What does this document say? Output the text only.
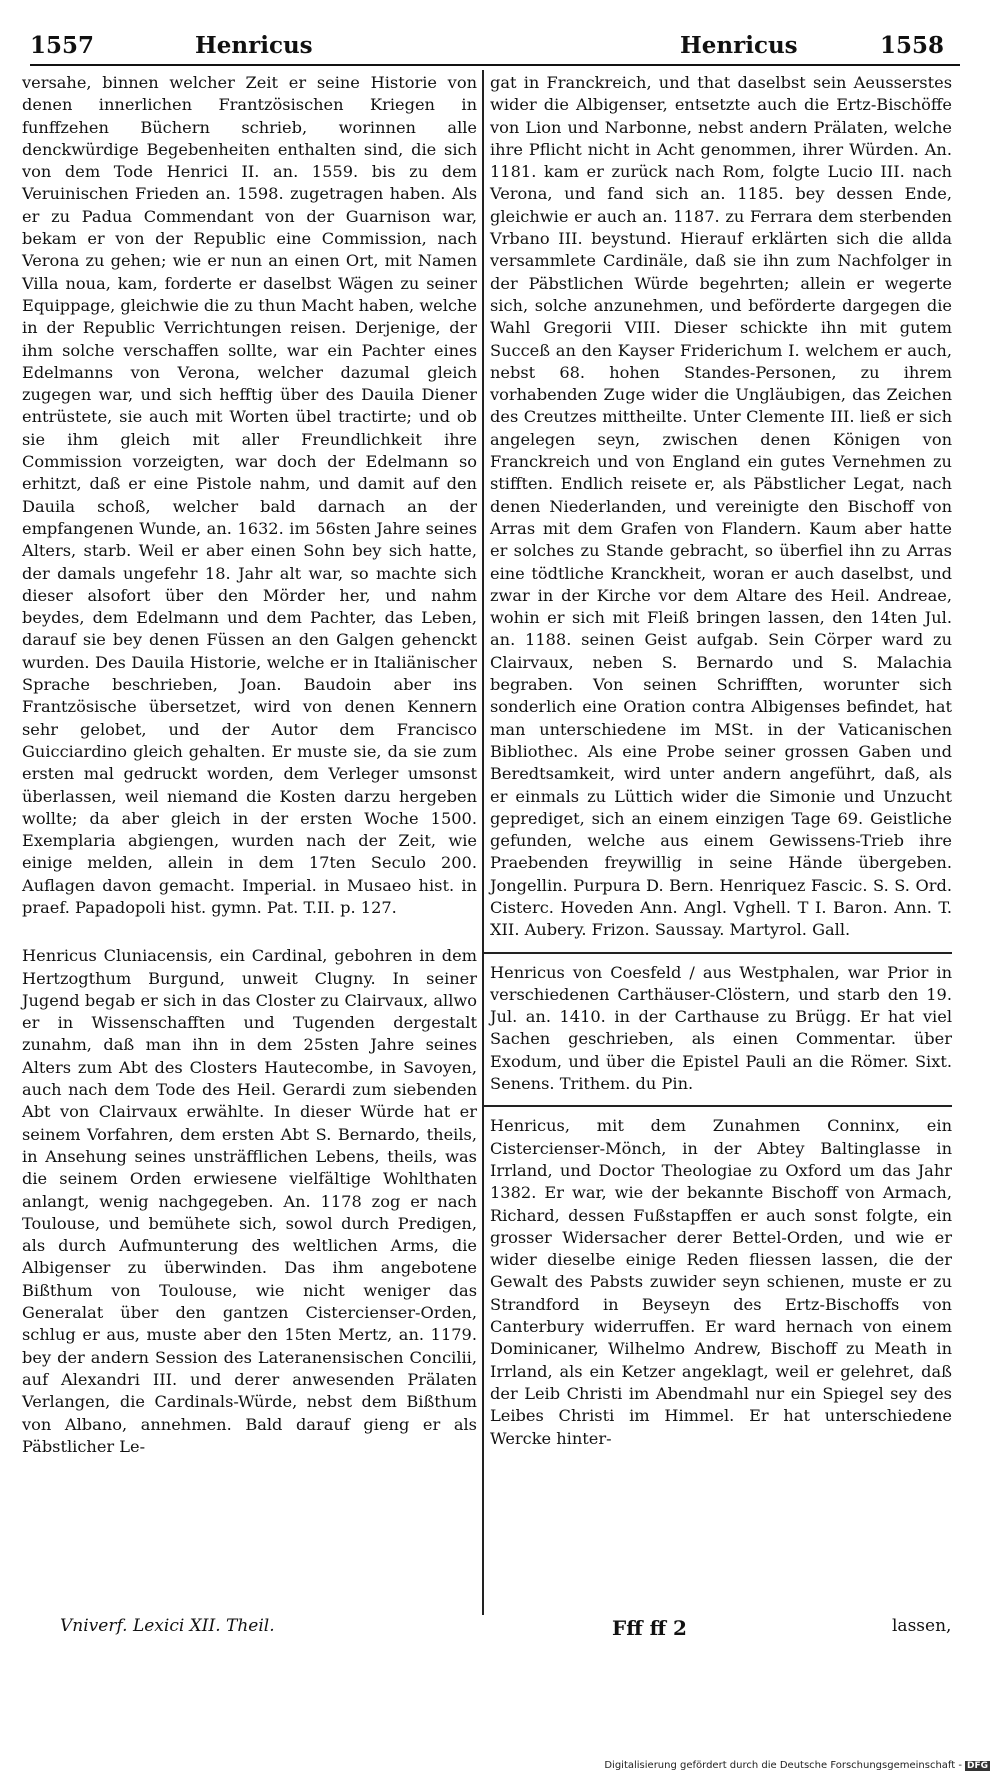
1557	Henricus	Henricus	1558

versahe, binnen welcher Zeit er seine Historie von denen innerlichen Frantzösischen Kriegen in funffzehen Büchern schrieb, worinnen alle denckwürdige Begebenheiten enthalten sind, die sich von dem Tode Henrici II. an. 1559. bis zu dem Veruinischen Frieden an. 1598. zugetragen haben. Als er zu Padua Commendant von der Guarnison war, bekam er von der Republic eine Commission, nach Verona zu gehen; wie er nun an einen Ort, mit Namen Villa noua, kam, forderte er daselbst Wägen zu seiner Equippage, gleichwie die zu thun Macht haben, welche in der Republic Verrichtungen reisen. Derjenige, der ihm solche verschaffen sollte, war ein Pachter eines Edelmanns von Verona, welcher dazumal gleich zugegen war, und sich hefftig über des Dauila Diener entrüstete, sie auch mit Worten übel tractirte; und ob sie ihm gleich mit aller Freundlichkeit ihre Commission vorzeigten, war doch der Edelmann so erhitzt, daß er eine Pistole nahm, und damit auf den Dauila schoß, welcher bald darnach an der empfangenen Wunde, an. 1632. im 56sten Jahre seines Alters, starb. Weil er aber einen Sohn bey sich hatte, der damals ungefehr 18. Jahr alt war, so machte sich dieser alsofort über den Mörder her, und nahm beydes, dem Edelmann und dem Pachter, das Leben, darauf sie bey denen Füssen an den Galgen gehenckt wurden. Des Dauila Historie, welche er in Italiänischer Sprache beschrieben, Joan. Baudoin aber ins Frantzösische übersetzet, wird von denen Kennern sehr gelobet, und der Autor dem Francisco Guicciardino gleich gehalten. Er muste sie, da sie zum ersten mal gedruckt worden, dem Verleger umsonst überlassen, weil niemand die Kosten darzu hergeben wollte; da aber gleich in der ersten Woche 1500. Exemplaria abgiengen, wurden nach der Zeit, wie einige melden, allein in dem 17ten Seculo 200. Auflagen davon gemacht. Imperial. in Musaeo hist. in praef. Papadopoli hist. gymn. Pat. T.II. p. 127.

Henricus Cluniacensis, ein Cardinal, gebohren in dem Hertzogthum Burgund, unweit Clugny. In seiner Jugend begab er sich in das Closter zu Clairvaux, allwo er in Wissenschafften und Tugenden dergestalt zunahm, daß man ihn in dem 25sten Jahre seines Alters zum Abt des Closters Hautecombe, in Savoyen, auch nach dem Tode des Heil. Gerardi zum siebenden Abt von Clairvaux erwählte. In dieser Würde hat er seinem Vorfahren, dem ersten Abt S. Bernardo, theils, in Ansehung seines unsträfflichen Lebens, theils, was die seinem Orden erwiesene vielfältige Wohlthaten anlangt, wenig nachgegeben. An. 1178 zog er nach Toulouse, und bemühete sich, sowol durch Predigen, als durch Aufmunterung des weltlichen Arms, die Albigenser zu überwinden. Das ihm angebotene Bißthum von Toulouse, wie nicht weniger das Generalat über den gantzen Cistercienser-Orden, schlug er aus, muste aber den 15ten Mertz, an. 1179. bey der andern Session des Lateranensischen Concilii, auf Alexandri III. und derer anwesenden Prälaten Verlangen, die Cardinals-Würde, nebst dem Bißthum von Albano, annehmen. Bald darauf gieng er als Päbstlicher Le-

gat in Franckreich, und that daselbst sein Aeusserstes wider die Albigenser, entsetzte auch die Ertz-Bischöffe von Lion und Narbonne, nebst andern Prälaten, welche ihre Pflicht nicht in Acht genommen, ihrer Würden. An. 1181. kam er zurück nach Rom, folgte Lucio III. nach Verona, und fand sich an. 1185. bey dessen Ende, gleichwie er auch an. 1187. zu Ferrara dem sterbenden Vrbano III. beystund. Hierauf erklärten sich die allda versammlete Cardinäle, daß sie ihn zum Nachfolger in der Päbstlichen Würde begehrten; allein er wegerte sich, solche anzunehmen, und beförderte dargegen die Wahl Gregorii VIII. Dieser schickte ihn mit gutem Succeß an den Kayser Friderichum I. welchem er auch, nebst 68. hohen Standes-Personen, zu ihrem vorhabenden Zuge wider die Ungläubigen, das Zeichen des Creutzes mittheilte. Unter Clemente III. ließ er sich angelegen seyn, zwischen denen Königen von Franckreich und von England ein gutes Vernehmen zu stifften. Endlich reisete er, als Päbstlicher Legat, nach denen Niederlanden, und vereinigte den Bischoff von Arras mit dem Grafen von Flandern. Kaum aber hatte er solches zu Stande gebracht, so überfiel ihn zu Arras eine tödtliche Kranckheit, woran er auch daselbst, und zwar in der Kirche vor dem Altare des Heil. Andreae, wohin er sich mit Fleiß bringen lassen, den 14ten Jul. an. 1188. seinen Geist aufgab. Sein Cörper ward zu Clairvaux, neben S. Bernardo und S. Malachia begraben. Von seinen Schrifften, worunter sich sonderlich eine Oration contra Albigenses befindet, hat man unterschiedene im MSt. in der Vaticanischen Bibliothec. Als eine Probe seiner grossen Gaben und Beredtsamkeit, wird unter andern angeführt, daß, als er einmals zu Lüttich wider die Simonie und Unzucht geprediget, sich an einem einzigen Tage 69. Geistliche gefunden, welche aus einem Gewissens-Trieb ihre Praebenden freywillig in seine Hände übergeben. Jongellin. Purpura D. Bern. Henriquez Fascic. S. S. Ord. Cisterc. Hoveden Ann. Angl. Vghell. T I. Baron. Ann. T. XII. Aubery. Frizon. Saussay. Martyrol. Gall.

Henricus von Coesfeld / aus Westphalen, war Prior in verschiedenen Carthäuser-Clöstern, und starb den 19. Jul. an. 1410. in der Carthause zu Brügg. Er hat viel Sachen geschrieben, als einen Commentar. über Exodum, und über die Epistel Pauli an die Römer. Sixt. Senens. Trithem. du Pin.

Henricus, mit dem Zunahmen Conninx, ein Cistercienser-Mönch, in der Abtey Baltinglasse in Irrland, und Doctor Theologiae zu Oxford um das Jahr 1382. Er war, wie der bekannte Bischoff von Armach, Richard, dessen Fußstapffen er auch sonst folgte, ein grosser Widersacher derer Bettel-Orden, und wie er wider dieselbe einige Reden fliessen lassen, die der Gewalt des Pabsts zuwider seyn schienen, muste er zu Strandford in Beyseyn des Ertz-Bischoffs von Canterbury widerruffen. Er ward hernach von einem Dominicaner, Wilhelmo Andrew, Bischoff zu Meath in Irrland, als ein Ketzer angeklagt, weil er gelehret, daß der Leib Christi im Abendmahl nur ein Spiegel sey des Leibes Christi im Himmel. Er hat unterschiedene Wercke hinter-

Vniverf. Lexici XII. Theil.	Fff ff 2	lassen,
Digitalisierung gefördert durch die Deutsche Forschungsgemeinschaft - DFG
